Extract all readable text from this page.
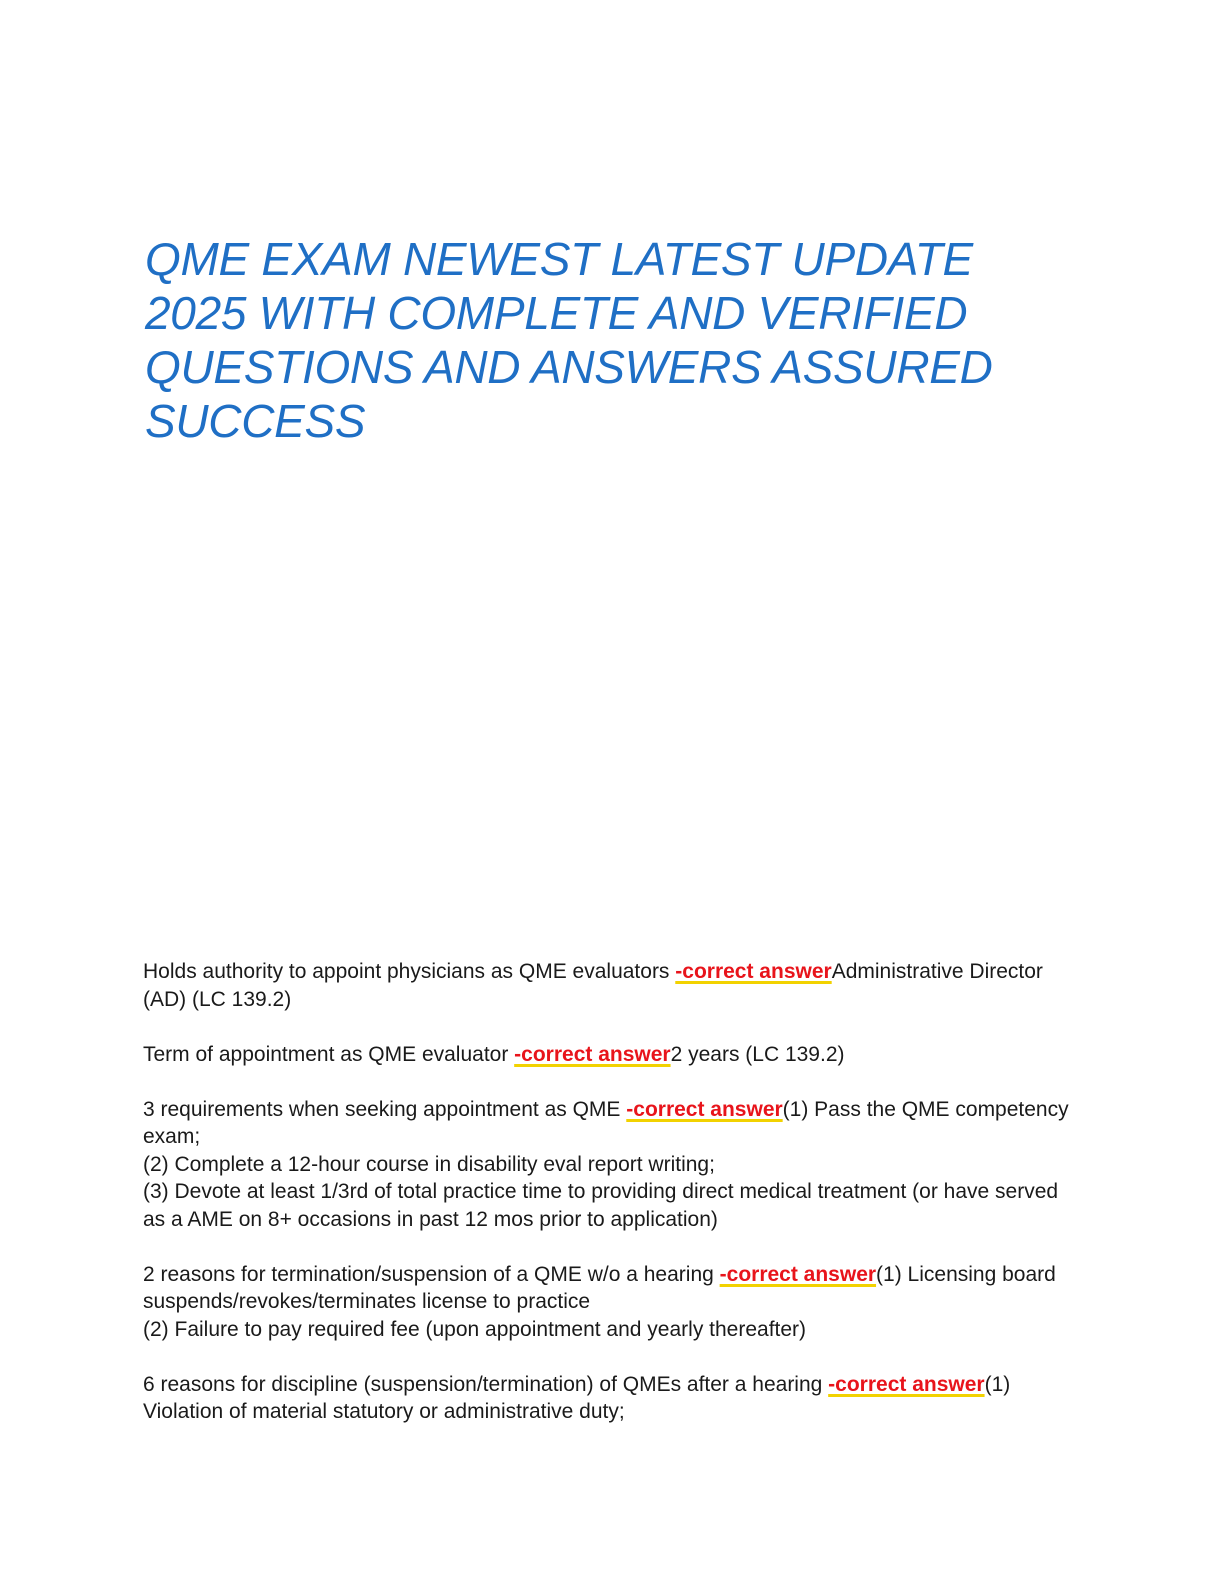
QME EXAM NEWEST LATEST UPDATE 2025 WITH COMPLETE AND VERIFIED QUESTIONS AND ANSWERS ASSURED SUCCESS
Holds authority to appoint physicians as QME evaluators -correct answerAdministrative Director (AD) (LC 139.2)
Term of appointment as QME evaluator -correct answer2 years (LC 139.2)
3 requirements when seeking appointment as QME -correct answer(1) Pass the QME competency exam;
(2) Complete a 12-hour course in disability eval report writing;
(3) Devote at least 1/3rd of total practice time to providing direct medical treatment (or have served as a AME on 8+ occasions in past 12 mos prior to application)
2 reasons for termination/suspension of a QME w/o a hearing -correct answer(1) Licensing board suspends/revokes/terminates license to practice
(2) Failure to pay required fee (upon appointment and yearly thereafter)
6 reasons for discipline (suspension/termination) of QMEs after a hearing -correct answer(1) Violation of material statutory or administrative duty;
